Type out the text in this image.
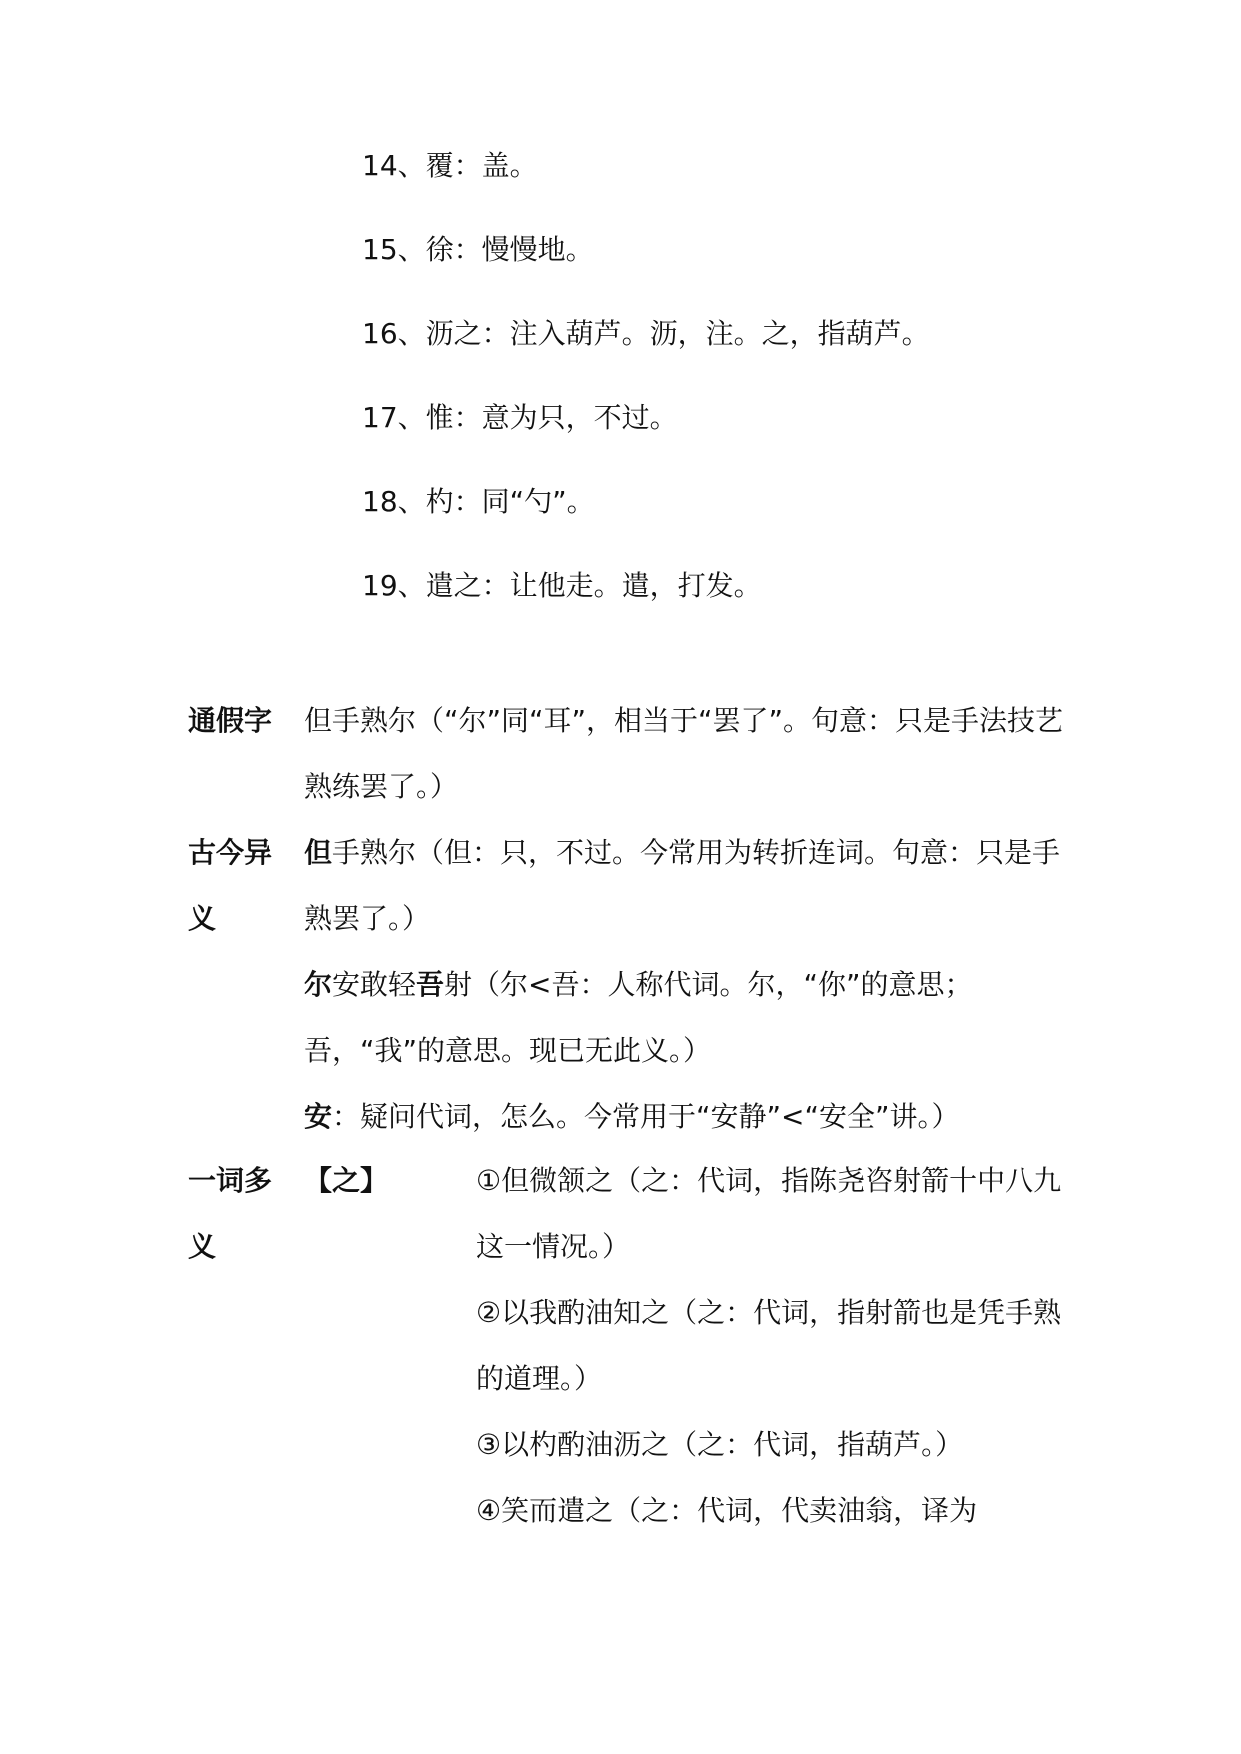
14、覆：盖。
15、徐：慢慢地。
16、沥之：注入葫芦。沥，注。之，指葫芦。
17、惟：意为只，不过。
18、杓：同“勺”。
19、遣之：让他走。遣，打发。
通假字	但手熟尔（“尔”同“耳”，相当于“罢了”。句意：只是手法技艺熟练罢了。）
古今异义

但手熟尔（但：只，不过。今常用为转折连词。句意：只是手熟罢了。）

尔安敢轻吾射（尔<吾：人称代词。尔，“你”的意思；吾，“我”的意思。现已无此义。）

安：疑问代词，怎么。今常用于“安静”<“安全”讲。）

一词多义
【之】	①但微颔之（之：代词，指陈尧咨射箭十中八九这一情况。）

②以我酌油知之（之：代词，指射箭也是凭手熟的道理。）

③以杓酌油沥之（之：代词，指葫芦。）

④笑而遣之（之：代词，代卖油翁，译为
